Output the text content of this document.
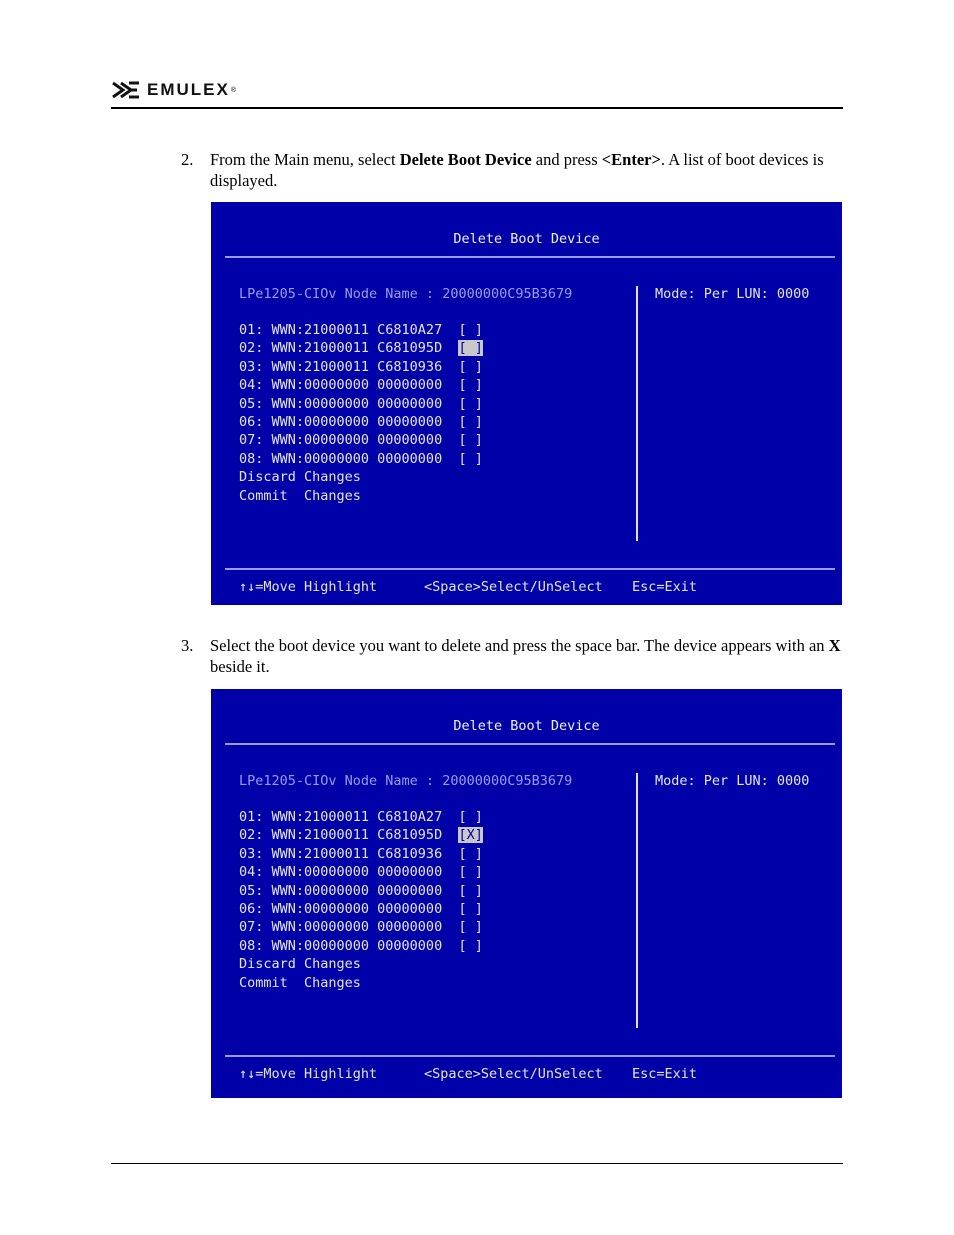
EMULEX ®
2. From the Main menu, select Delete Boot Device and press <Enter>. A list of boot devices is displayed.
Delete Boot Device
LPe1205-CIOv Node Name : 20000000C95B3679	Mode: Per LUN: 0000
01: WWN:21000011 C6810A27  [ ]
02: WWN:21000011 C681095D  [ ]
03: WWN:21000011 C6810936  [ ]
04: WWN:00000000 00000000  [ ]
05: WWN:00000000 00000000  [ ]
06: WWN:00000000 00000000  [ ]
07: WWN:00000000 00000000  [ ]
08: WWN:00000000 00000000  [ ]
Discard Changes
Commit  Changes
↑↓=Move Highlight	<Space>Select/UnSelect Esc=Exit
3. Select the boot device you want to delete and press the space bar. The device appears with an X beside it.
Delete Boot Device
LPe1205-CIOv Node Name : 20000000C95B3679	Mode: Per LUN: 0000
01: WWN:21000011 C6810A27  [ ]
02: WWN:21000011 C681095D  [X]
03: WWN:21000011 C6810936  [ ]
04: WWN:00000000 00000000  [ ]
05: WWN:00000000 00000000  [ ]
06: WWN:00000000 00000000  [ ]
07: WWN:00000000 00000000  [ ]
08: WWN:00000000 00000000  [ ]
Discard Changes
Commit  Changes
↑↓=Move Highlight	<Space>Select/UnSelect Esc=Exit
